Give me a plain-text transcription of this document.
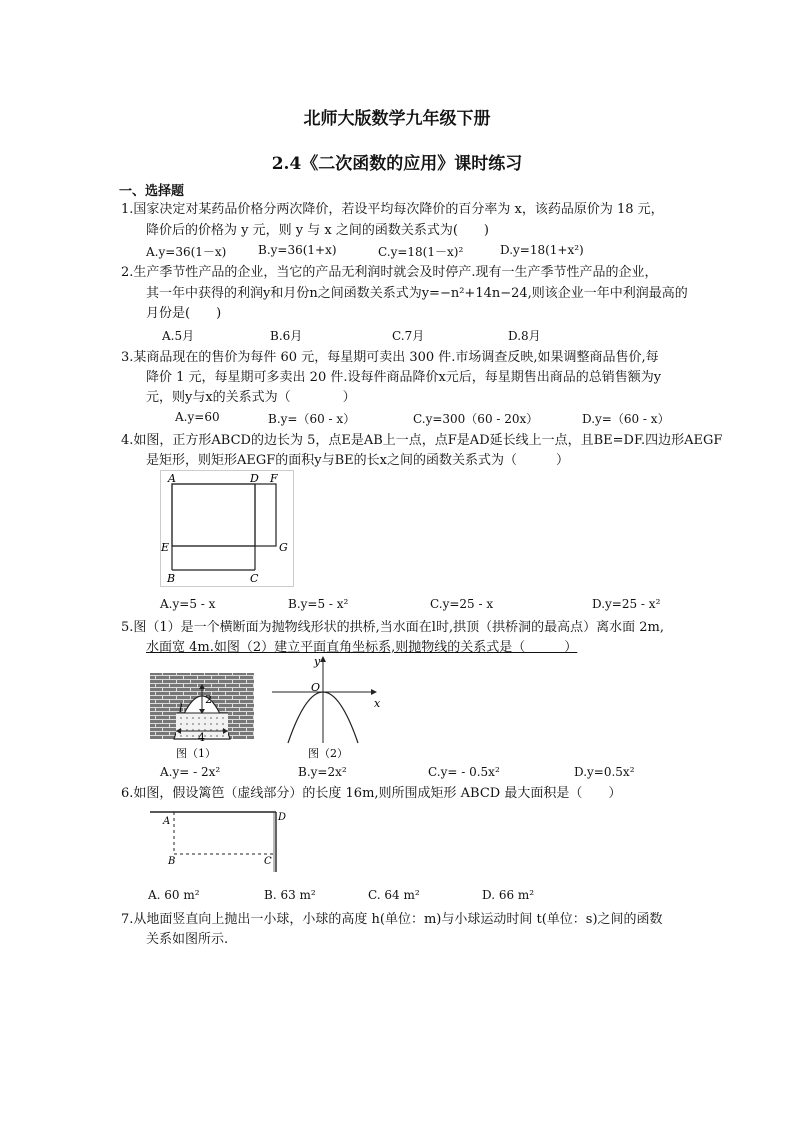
北师大版数学九年级下册
2.4《二次函数的应用》课时练习
一、选择题
1.国家决定对某药品价格分两次降价，若设平均每次降价的百分率为 x，该药品原价为 18 元，
降价后的价格为 y 元，则 y 与 x 之间的函数关系式为(　　)
A.y=36(1－x)	B.y=36(1+x)	C.y=18(1－x)²	D.y=18(1+x²)
2.生产季节性产品的企业，当它的产品无利润时就会及时停产.现有一生产季节性产品的企业，
其一年中获得的利润y和月份n之间函数关系式为y=−n²+14n−24,则该企业一年中利润最高的
月份是(　　)
A.5月	B.6月	C.7月	D.8月
3.某商品现在的售价为每件 60 元，每星期可卖出 300 件.市场调查反映,如果调整商品售价,每
降价 1 元，每星期可多卖出 20 件.设每件商品降价x元后，每星期售出商品的总销售额为y
元，则y与x的关系式为（　　　　）
A.y=60	B.y=（60 - x）	C.y=300（60 - 20x）	D.y=（60 - x）
4.如图，正方形ABCD的边长为 5，点E是AB上一点，点F是AD延长线上一点，且BE=DF.四边形AEGF
是矩形，则矩形AEGF的面积y与BE的长x之间的函数关系式为（　　　）
A	D F
E	G
B	C
A.y=5 - x	B.y=5 - x²	C.y=25 - x	D.y=25 - x²
5.图（1）是一个横断面为抛物线形状的拱桥,当水面在l时,拱顶（拱桥洞的最高点）离水面 2m,
水面宽 4m.如图（2）建立平面直角坐标系,则抛物线的关系式是（　　　）
2
4
l
图（1）
y
O
x
图（2）
A.y= - 2x²	B.y=2x²	C.y= - 0.5x²	D.y=0.5x²
6.如图，假设篱笆（虚线部分）的长度 16m,则所围成矩形 ABCD 最大面积是（　　）
A	D
B	C
A. 60 m²	B. 63 m²	C. 64 m²	D. 66 m²
7.从地面竖直向上抛出一小球，小球的高度 h(单位：m)与小球运动时间 t(单位：s)之间的函数
关系如图所示.
